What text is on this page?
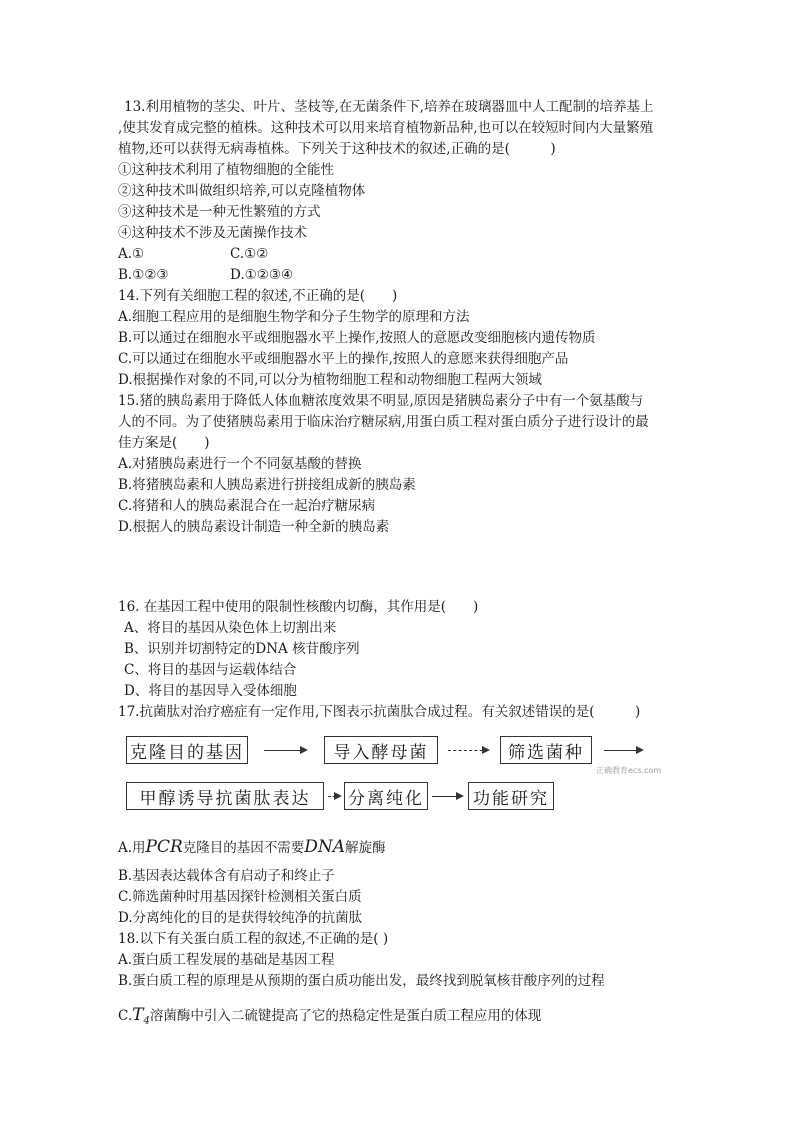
13.利用植物的茎尖、叶片、茎枝等,在无菌条件下,培养在玻璃器皿中人工配制的培养基上
,使其发育成完整的植株。这种技术可以用来培育植物新品种,也可以在较短时间内大量繁殖
植物,还可以获得无病毒植株。下列关于这种技术的叙述,正确的是(　　　)
①这种技术利用了植物细胞的全能性
②这种技术叫做组织培养,可以克隆植物体
③这种技术是一种无性繁殖的方式
④这种技术不涉及无菌操作技术
A.①	C.①②
B.①②③	D.①②③④
14.下列有关细胞工程的叙述,不正确的是(　　)
A.细胞工程应用的是细胞生物学和分子生物学的原理和方法
B.可以通过在细胞水平或细胞器水平上操作,按照人的意愿改变细胞核内遗传物质
C.可以通过在细胞水平或细胞器水平上的操作,按照人的意愿来获得细胞产品
D.根据操作对象的不同,可以分为植物细胞工程和动物细胞工程两大领域
15.猪的胰岛素用于降低人体血糖浓度效果不明显,原因是猪胰岛素分子中有一个氨基酸与
人的不同。为了使猪胰岛素用于临床治疗糖尿病,用蛋白质工程对蛋白质分子进行设计的最
佳方案是(　　)
A.对猪胰岛素进行一个不同氨基酸的替换
B.将猪胰岛素和人胰岛素进行拼接组成新的胰岛素
C.将猪和人的胰岛素混合在一起治疗糖尿病
D.根据人的胰岛素设计制造一种全新的胰岛素
16. 在基因工程中使用的限制性核酸内切酶，其作用是(　　)
A、将目的基因从染色体上切割出来
B、识别并切割特定的DNA 核苷酸序列
C、将目的基因与运载体结合
D、将目的基因导入受体细胞
17.抗菌肽对治疗癌症有一定作用,下图表示抗菌肽合成过程。有关叙述错误的是(　　　)
克隆目的基因	导入酵母菌	筛选菌种
正确教育ecs.com
甲醇诱导抗菌肽表达	分离纯化	功能研究
A.用PCR克隆目的基因不需要DNA解旋酶
B.基因表达载体含有启动子和终止子
C.筛选菌种时用基因探针检测相关蛋白质
D.分离纯化的目的是获得较纯净的抗菌肽
18.以下有关蛋白质工程的叙述,不正确的是( )
A.蛋白质工程发展的基础是基因工程
B.蛋白质工程的原理是从预期的蛋白质功能出发，最终找到脱氧核苷酸序列的过程
$C.T_4$溶菌酶中引入二硫键提高了它的热稳定性是蛋白质工程应用的体现
